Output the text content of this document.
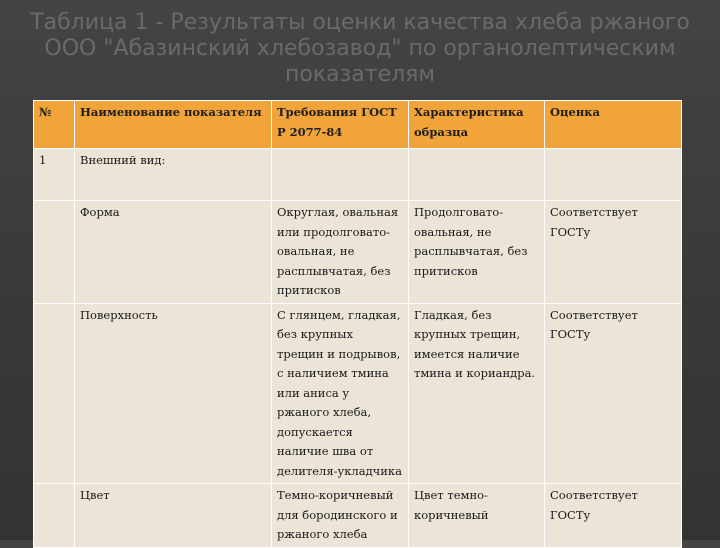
Таблица 1 - Результаты оценки качества хлеба ржаного ООО "Абазинский хлебозавод" по органолептическим показателям
№	Наименование показателя	Требования ГОСТ Р 2077-84	Характеристика образца	Оценка
1	Внешний вид:			
	Форма	Округлая, овальная или продолговато-овальная, не расплывчатая, без притисков	Продолговато-овальная, не расплывчатая, без притисков	Соответствует ГОСТу
	Поверхность	С глянцем, гладкая, без крупных трещин и подрывов, с наличием тмина или аниса у ржаного хлеба, допускается наличие шва от делителя-укладчика	Гладкая, без крупных трещин, имеется наличие тмина и кориандра.	Соответствует ГОСТу
	Цвет	Темно-коричневый для бородинского и ржаного хлеба	Цвет темно-коричневый	Соответствует ГОСТу
